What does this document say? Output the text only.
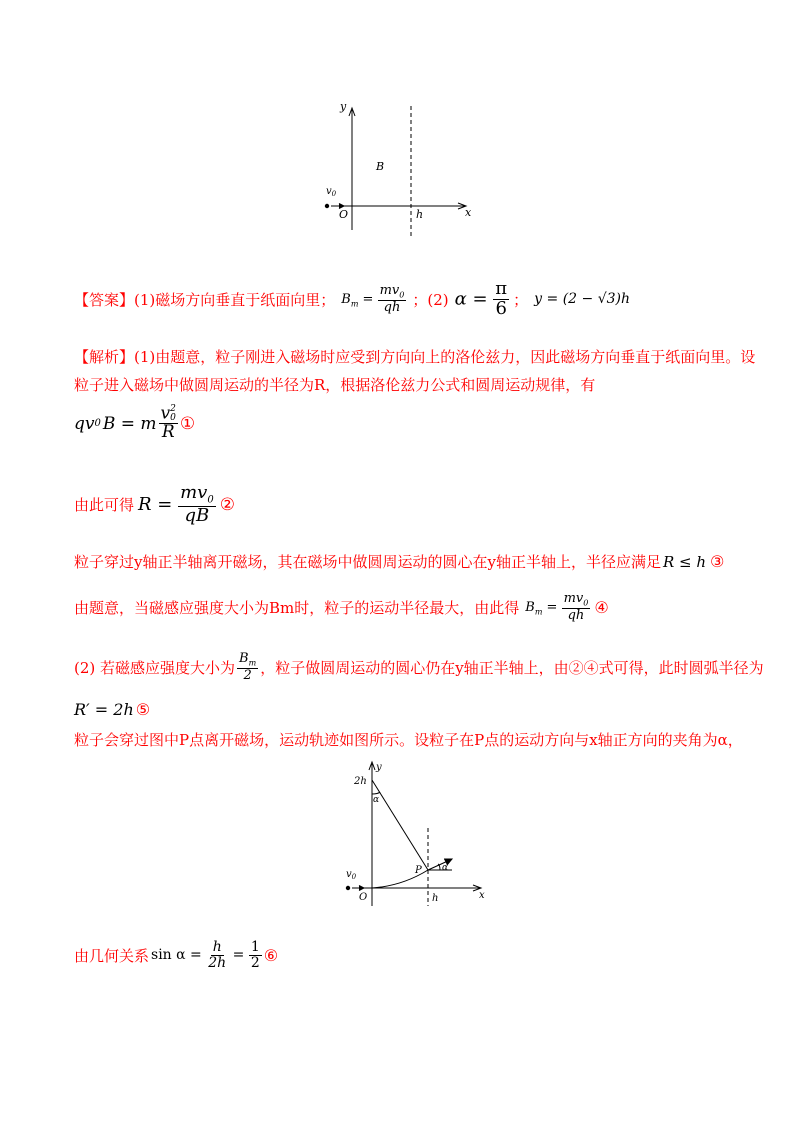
y
x
O
B
$v_0$
h
【答案】 (1)磁场方向垂直于纸面向里； $B_m = \frac{mv_0}{qh}$ ；(2) $\alpha = \frac{\pi}{6}$ ； y = (2 − √3)h
【解析】(1)由题意，粒子刚进入磁场时应受到方向向上的洛伦兹力，因此磁场方向垂直于纸面向里。设
粒子进入磁场中做圆周运动的半径为R，根据洛伦兹力公式和圆周运动规律，有
qv 0 B = m v 2
0
R ①
由此可得 $R = \frac{mv_0}{qB}$ ②
粒子穿过y轴正半轴离开磁场，其在磁场中做圆周运动的圆心在y轴正半轴上，半径应满足 R ≤ h ③
由题意，当磁感应强度大小为Bm时，粒子的运动半径最大，由此得 $B_m = \frac{mv_0}{qh}$ ④
(2) 若磁感应强度大小为 $\frac{B_m}{2}$ ，粒子做圆周运动的圆心仍在y轴正半轴上，由②④式可得，此时圆弧半径为
R′ = 2h ⑤
粒子会穿过图中P点离开磁场，运动轨迹如图所示。设粒子在P点的运动方向与x轴正方向的夹角为α，
y
x
O
2h
α
P α
h
$v_0$
由几何关系 $\sin \alpha = \frac{h}{2h} = \frac{1}{2}$ ⑥
